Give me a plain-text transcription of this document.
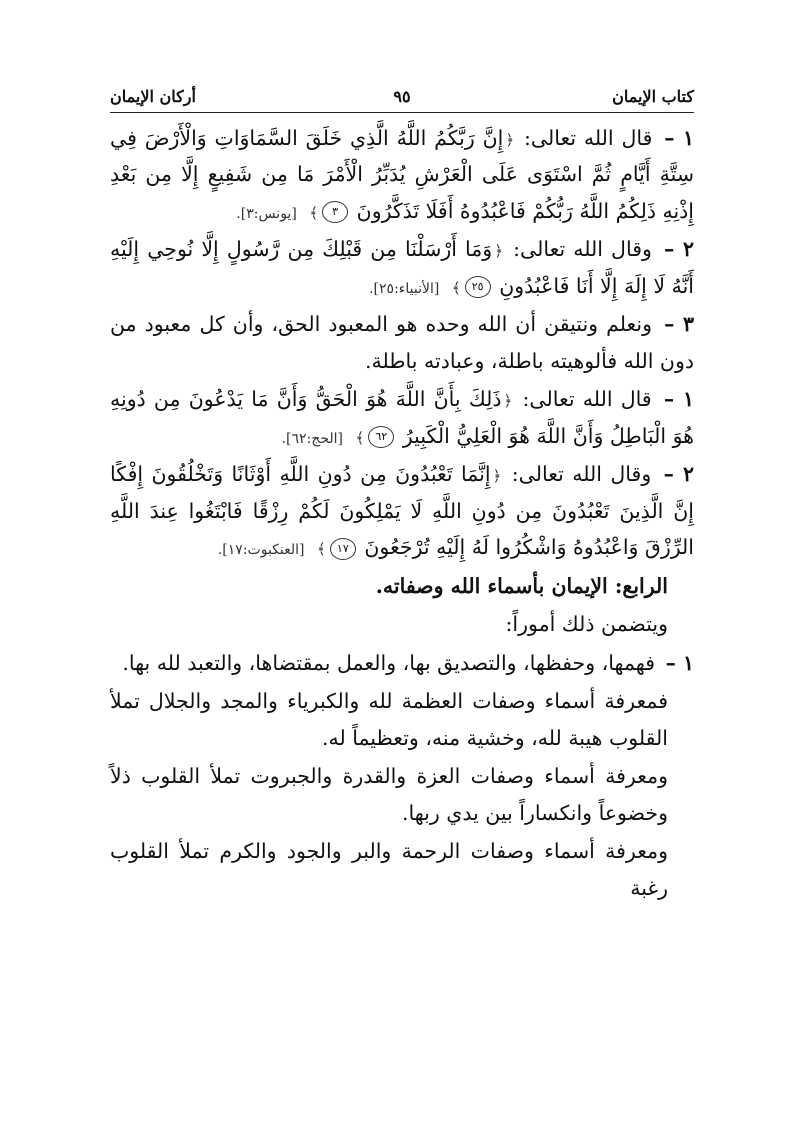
كتاب الإيمان
٩٥
أركان الإيمان

١ – قال الله تعالى: ﴿إِنَّ رَبَّكُمُ اللَّهُ الَّذِي خَلَقَ السَّمَاوَاتِ وَالْأَرْضَ فِي سِتَّةِ أَيَّامٍ ثُمَّ اسْتَوَى عَلَى الْعَرْشِ يُدَبِّرُ الْأَمْرَ مَا مِن شَفِيعٍ إِلَّا مِن بَعْدِ إِذْنِهِ ذَلِكُمُ اللَّهُ رَبُّكُمْ فَاعْبُدُوهُ أَفَلَا تَذَكَّرُونَ ٣﴾ [يونس:٣].

٢ – وقال الله تعالى: ﴿وَمَا أَرْسَلْنَا مِن قَبْلِكَ مِن رَّسُولٍ إِلَّا نُوحِي إِلَيْهِ أَنَّهُ لَا إِلَهَ إِلَّا أَنَا فَاعْبُدُونِ ٢٥﴾ [الأنبياء:٢٥].

٣ – ونعلم ونتيقن أن الله وحده هو المعبود الحق، وأن كل معبود من دون الله فألوهيته باطلة، وعبادته باطلة.

١ – قال الله تعالى: ﴿ذَلِكَ بِأَنَّ اللَّهَ هُوَ الْحَقُّ وَأَنَّ مَا يَدْعُونَ مِن دُونِهِ هُوَ الْبَاطِلُ وَأَنَّ اللَّهَ هُوَ الْعَلِيُّ الْكَبِيرُ ٦٢﴾ [الحج:٦٢].

٢ – وقال الله تعالى: ﴿إِنَّمَا تَعْبُدُونَ مِن دُونِ اللَّهِ أَوْثَانًا وَتَخْلُقُونَ إِفْكًا إِنَّ الَّذِينَ تَعْبُدُونَ مِن دُونِ اللَّهِ لَا يَمْلِكُونَ لَكُمْ رِزْقًا فَابْتَغُوا عِندَ اللَّهِ الرِّزْقَ وَاعْبُدُوهُ وَاشْكُرُوا لَهُ إِلَيْهِ تُرْجَعُونَ ١٧﴾ [العنكبوت:١٧].

الرابع: الإيمان بأسماء الله وصفاته.

ويتضمن ذلك أموراً:

١ – فهمها، وحفظها، والتصديق بها، والعمل بمقتضاها، والتعبد لله بها.

فمعرفة أسماء وصفات العظمة لله والكبرياء والمجد والجلال تملأ القلوب هيبة لله، وخشية منه، وتعظيماً له.

ومعرفة أسماء وصفات العزة والقدرة والجبروت تملأ القلوب ذلاً وخضوعاً وانكساراً بين يدي ربها.

ومعرفة أسماء وصفات الرحمة والبر والجود والكرم تملأ القلوب رغبة
